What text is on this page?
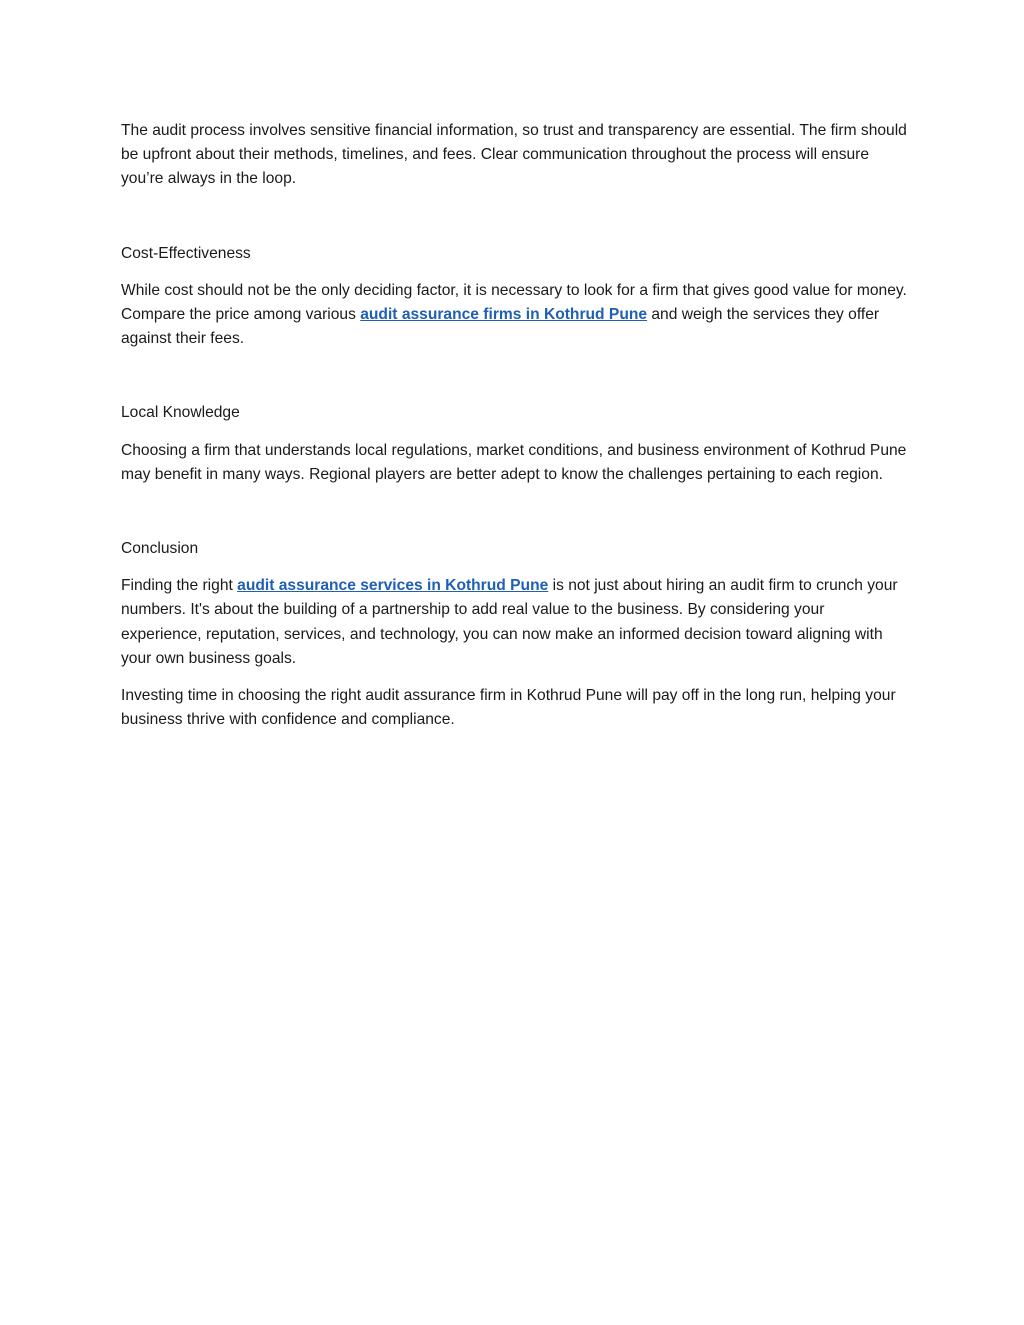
The audit process involves sensitive financial information, so trust and transparency are essential. The firm should be upfront about their methods, timelines, and fees. Clear communication throughout the process will ensure you’re always in the loop.

Cost-Effectiveness

While cost should not be the only deciding factor, it is necessary to look for a firm that gives good value for money. Compare the price among various audit assurance firms in Kothrud Pune and weigh the services they offer against their fees.

Local Knowledge

Choosing a firm that understands local regulations, market conditions, and business environment of Kothrud Pune may benefit in many ways. Regional players are better adept to know the challenges pertaining to each region.

Conclusion

Finding the right audit assurance services in Kothrud Pune is not just about hiring an audit firm to crunch your numbers. It's about the building of a partnership to add real value to the business. By considering your experience, reputation, services, and technology, you can now make an informed decision toward aligning with your own business goals.

Investing time in choosing the right audit assurance firm in Kothrud Pune will pay off in the long run, helping your business thrive with confidence and compliance.
